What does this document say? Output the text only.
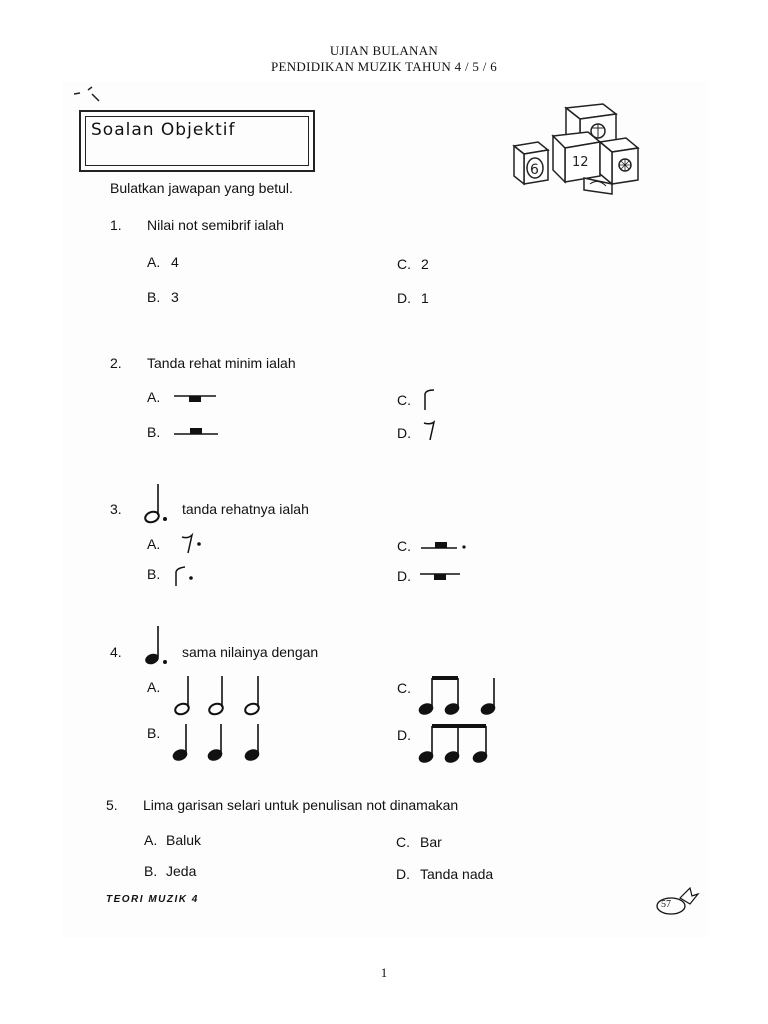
UJIAN BULANAN
PENDIDIKAN MUZIK TAHUN 4 / 5 / 6
Soalan Objektif
12
6
Bulatkan jawapan yang betul.
1. Nilai not semibrif ialah
A. 4
B. 3
C. 2
D. 1
2. Tanda rehat minim ialah
A.
B.
C.
D.
3.	tanda rehatnya ialah
A.
B.
C.
D.
4.	sama nilainya dengan
A.
B.
C.
D.
5. Lima garisan selari untuk penulisan not dinamakan
A. Baluk
B. Jeda
C. Bar
D. Tanda nada
TEORI MUZIK 4	57
1
